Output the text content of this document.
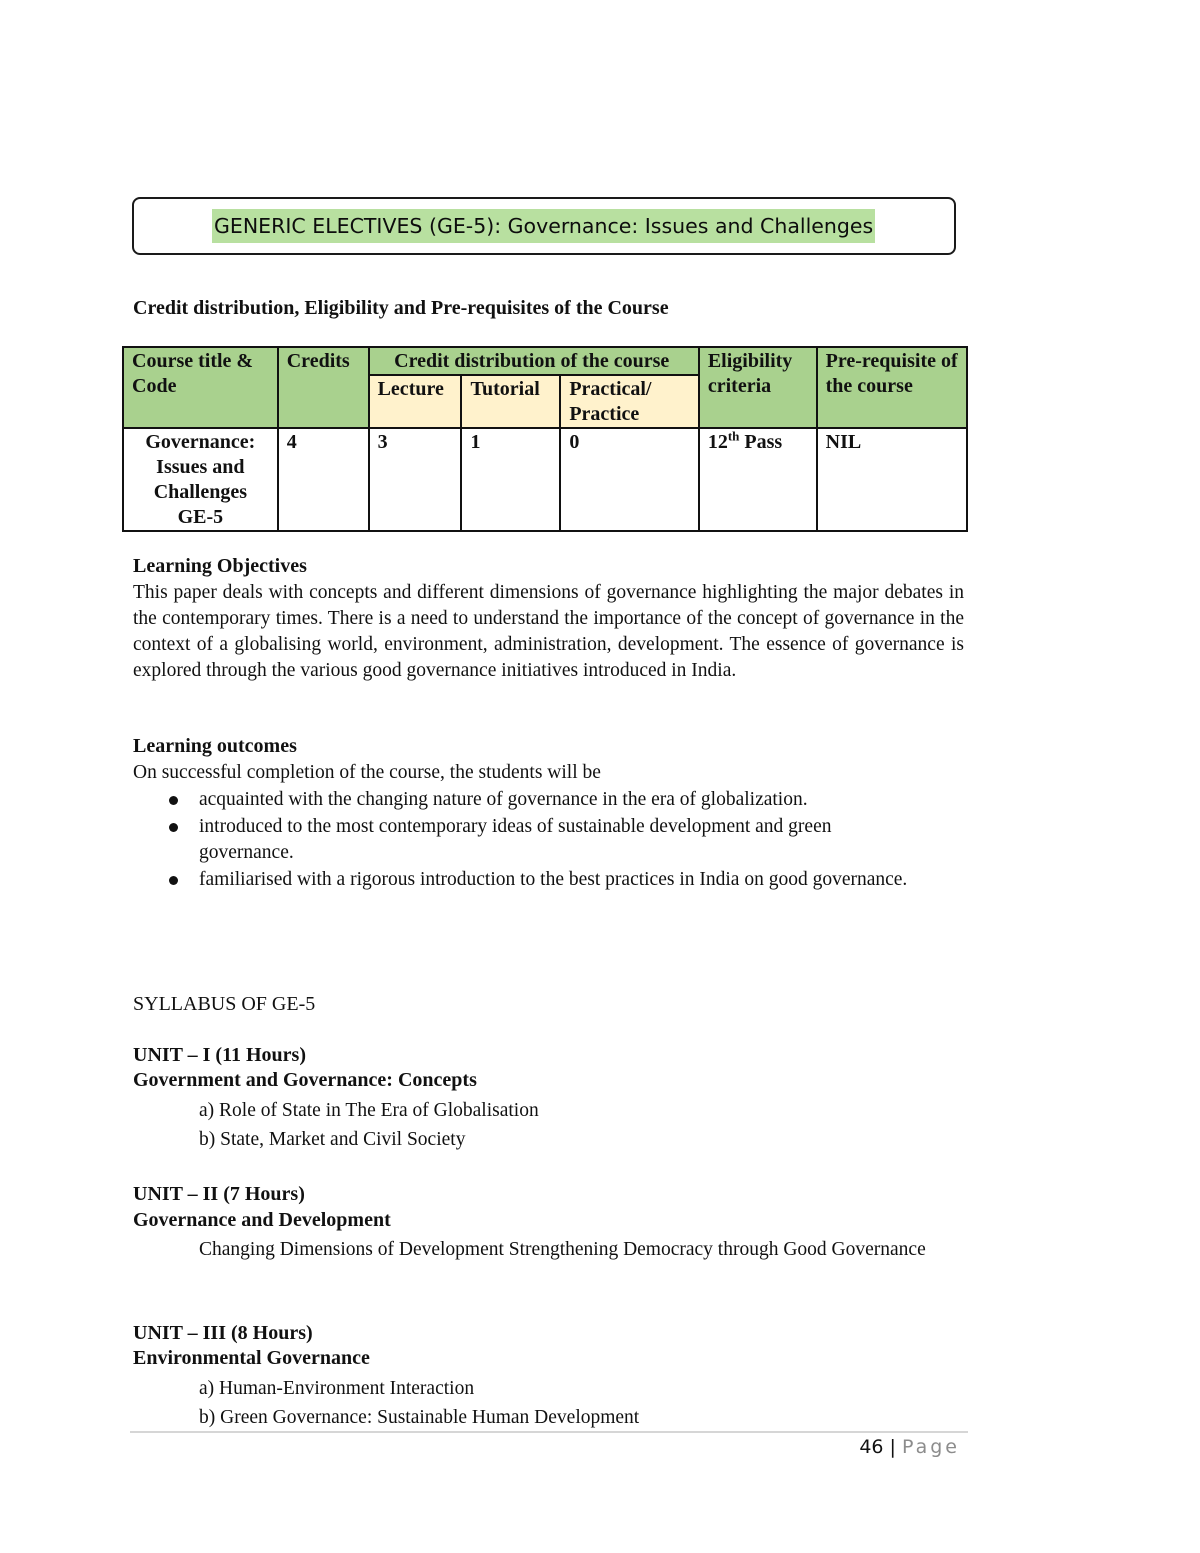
GENERIC ELECTIVES (GE-5): Governance: Issues and Challenges
Credit distribution, Eligibility and Pre-requisites of the Course
Course title & Code	Credits	Credit distribution of the course			Eligibility criteria	Pre-requisite of the course
		Lecture	Tutorial	Practical/ Practice		
Governance: Issues and Challenges GE-5	4	3	1	0	12th Pass	NIL
Learning Objectives
This paper deals with concepts and different dimensions of governance highlighting the major debates in the contemporary times. There is a need to understand the importance of the concept of governance in the context of a globalising world, environment, administration, development. The essence of governance is explored through the various good governance initiatives introduced in India.
Learning outcomes
On successful completion of the course, the students will be
acquainted with the changing nature of governance in the era of globalization.
introduced to the most contemporary ideas of sustainable development and green governance.
familiarised with a rigorous introduction to the best practices in India on good governance.
SYLLABUS OF GE-5
UNIT – I (11 Hours)
Government and Governance: Concepts
a) Role of State in The Era of Globalisation
b) State, Market and Civil Society
UNIT – II (7 Hours)
Governance and Development
Changing Dimensions of Development Strengthening Democracy through Good Governance
UNIT – III (8 Hours)
Environmental Governance
a) Human-Environment Interaction
b) Green Governance: Sustainable Human Development
46 | Page
